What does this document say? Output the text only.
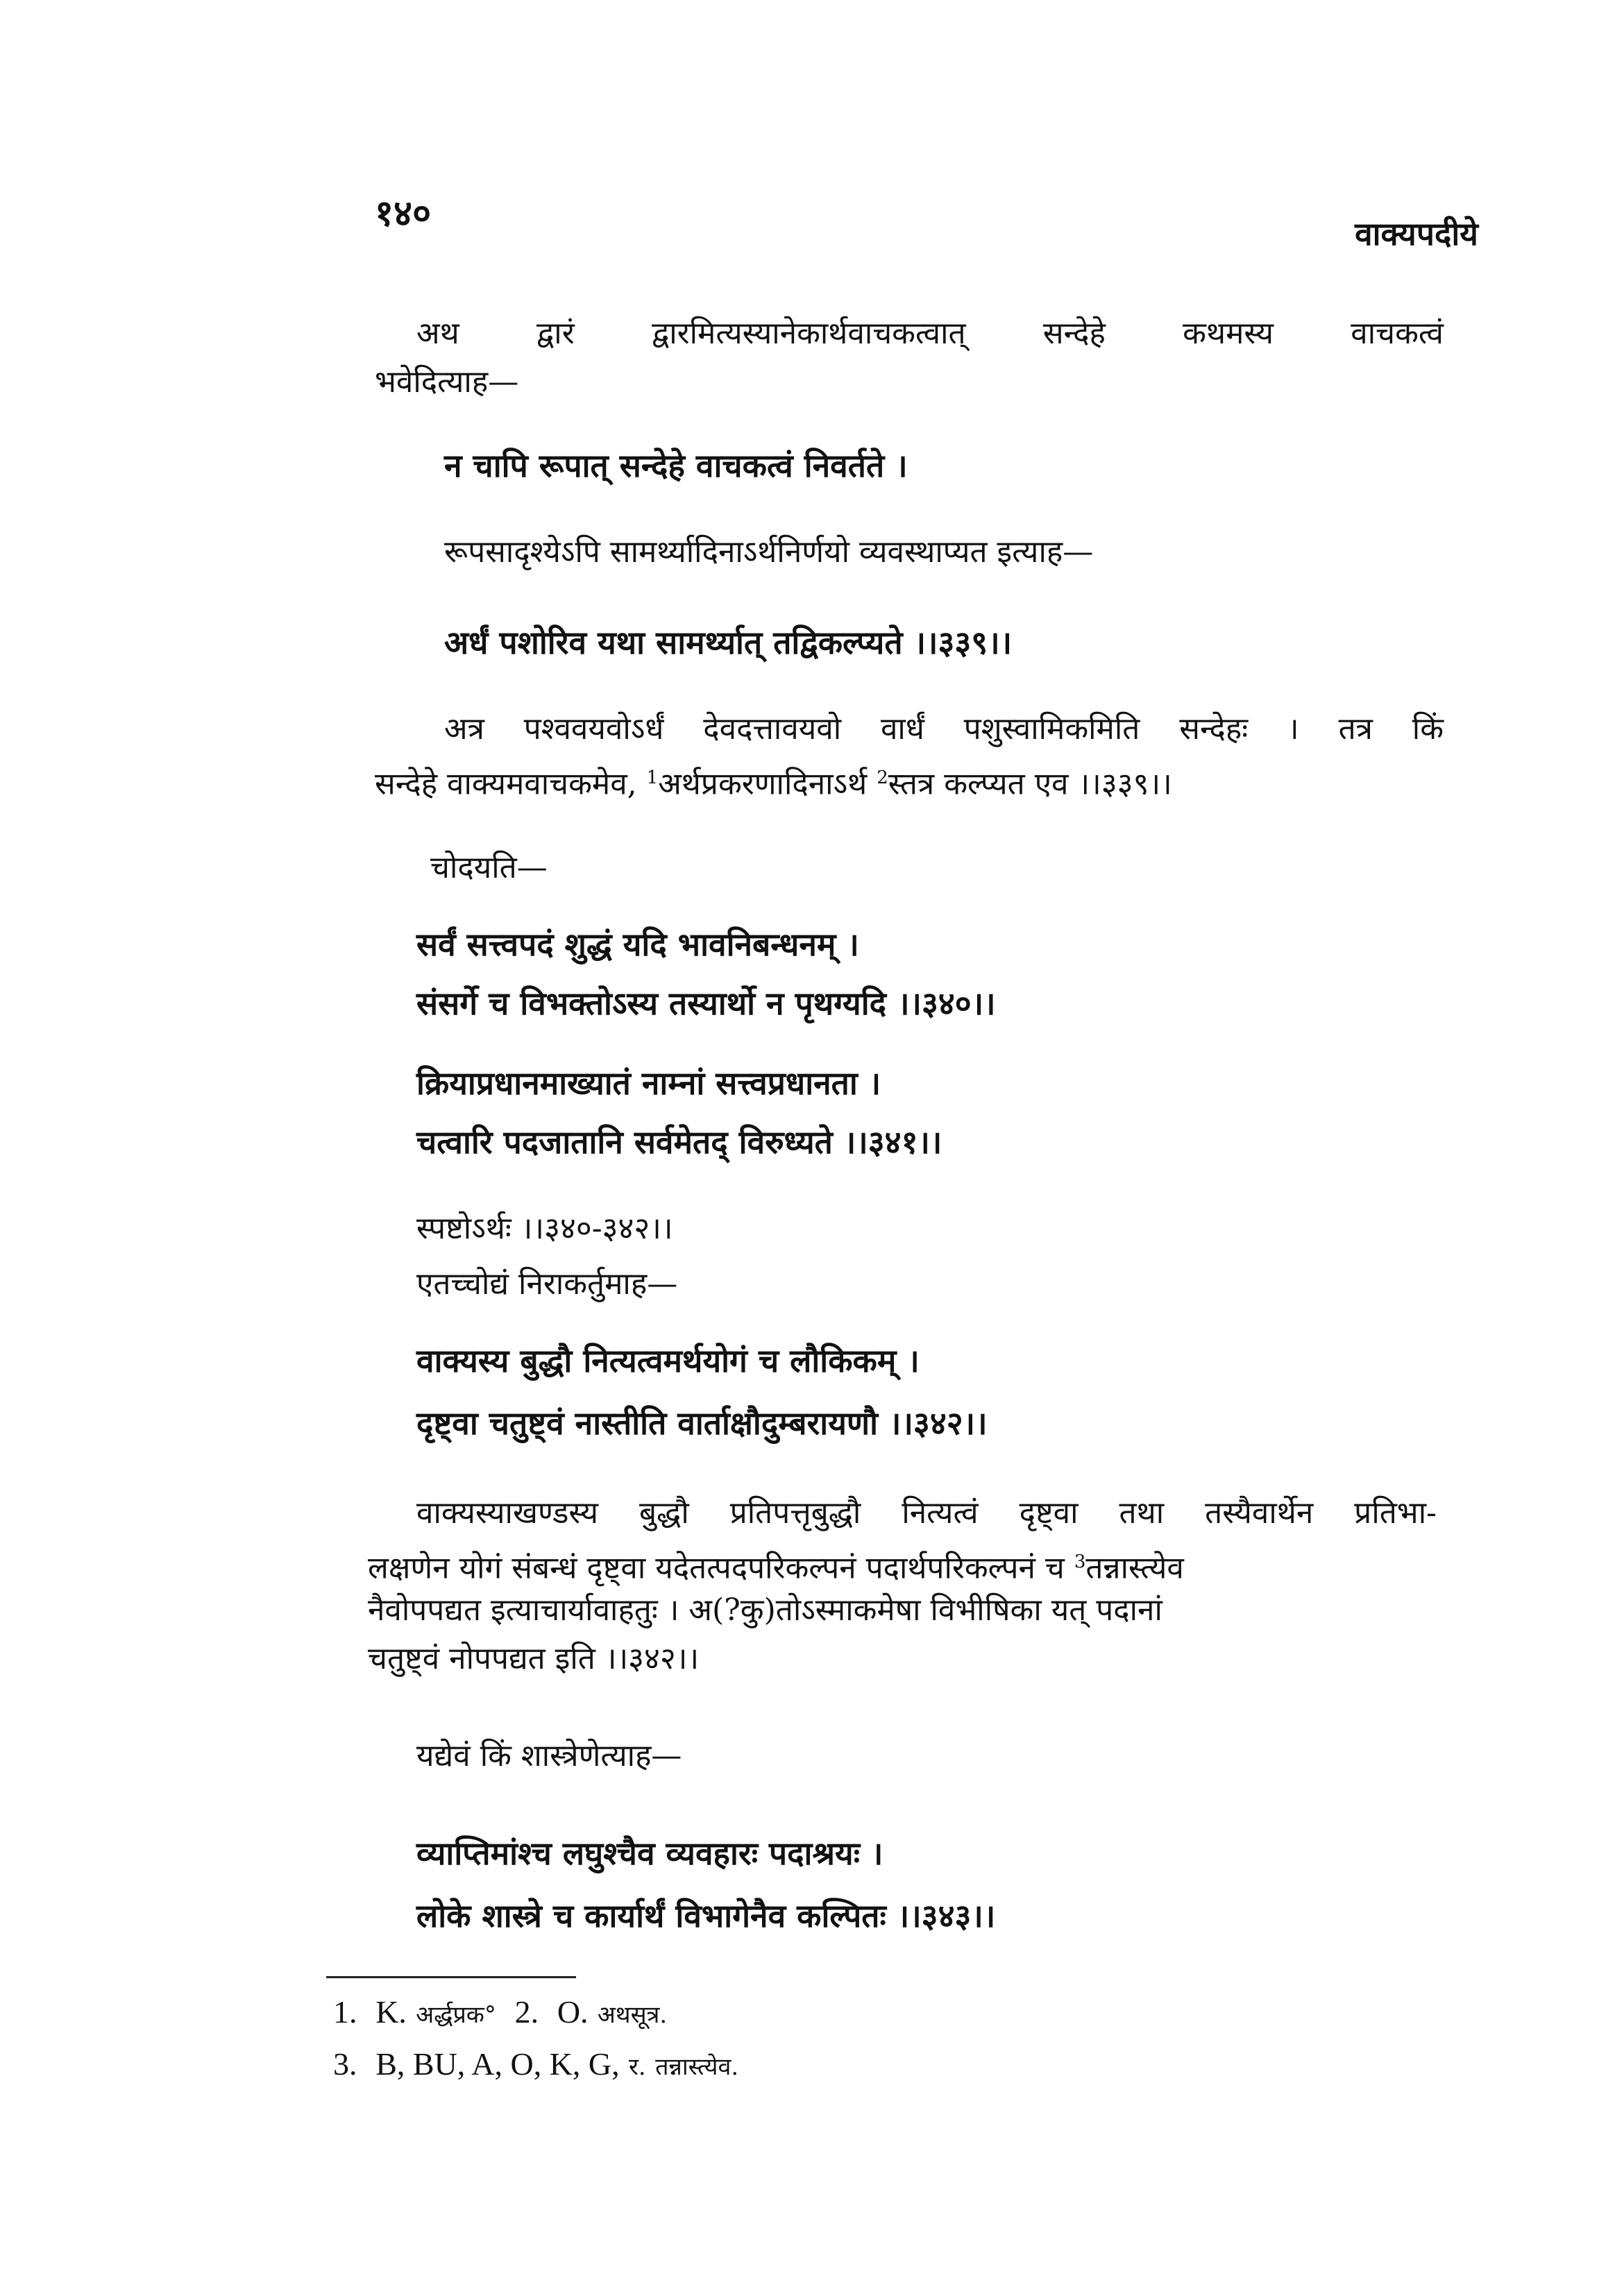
१४०	वाक्यपदीये
अथ द्वारं द्वारमित्यस्यानेकार्थवाचकत्वात् सन्देहे कथमस्य वाचकत्वं
भवेदित्याह—
न चापि रूपात् सन्देहे वाचकत्वं निवर्तते ।
रूपसादृश्येऽपि सामर्थ्यादिनाऽर्थनिर्णयो व्यवस्थाप्यत इत्याह—
अर्धं पशोरिव यथा सामर्थ्यात् तद्विकल्प्यते ।।३३९।।
अत्र पश्ववयवोऽर्धं देवदत्तावयवो वार्धं पशुस्वामिकमिति सन्देहः । तत्र किं
सन्देहे वाक्यमवाचकमेव, $^1$अर्थप्रकरणादिनाऽर्थ $^2$स्तत्र कल्प्यत एव ।।३३९।।
चोदयति—
सर्वं सत्त्वपदं शुद्धं यदि भावनिबन्धनम् ।
संसर्गे च विभक्तोऽस्य तस्यार्थो न पृथग्यदि ।।३४०।।
क्रियाप्रधानमाख्यातं नाम्नां सत्त्वप्रधानता ।
चत्वारि पदजातानि सर्वमेतद् विरुध्यते ।।३४१।।
स्पष्टोऽर्थः ।।३४०-३४२।।
एतच्चोद्यं निराकर्तुमाह—
वाक्यस्य बुद्धौ नित्यत्वमर्थयोगं च लौकिकम् ।
दृष्ट्वा चतुष्ट्वं नास्तीति वार्ताक्षौदुम्बरायणौ ।।३४२।।
वाक्यस्याखण्डस्य बुद्धौ प्रतिपत्तृबुद्धौ नित्यत्वं दृष्ट्वा तथा तस्यैवार्थेन प्रतिभा-
लक्षणेन योगं संबन्धं दृष्ट्वा यदेतत्पदपरिकल्पनं पदार्थपरिकल्पनं च $^3$तन्नास्त्येव
नैवोपपद्यत इत्याचार्यावाहतुः । अ(?कु)तोऽस्माकमेषा विभीषिका यत् पदानां
चतुष्ट्वं नोपपद्यत इति ।।३४२।।
यद्येवं किं शास्त्रेणेत्याह—
व्याप्तिमांश्च लघुश्चैव व्यवहारः पदाश्रयः ।
लोके शास्त्रे च कार्यार्थं विभागेनैव कल्पितः ।।३४३।।
1. K. अर्द्धप्रक° 2. O. अथसूत्र.
3. B, BU, A, O, K, G, र. तन्नास्त्येव.
